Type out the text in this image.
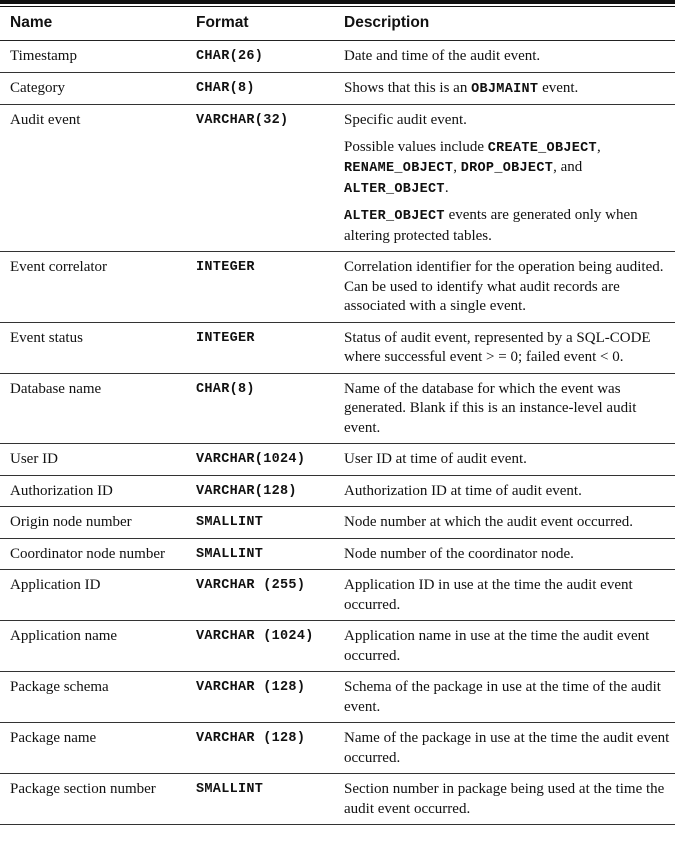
Name	Format	Description
Timestamp	CHAR(26)	Date and time of the audit event.
Category	CHAR(8)	Shows that this is an OBJMAINT event.
Audit event	VARCHAR(32)	Specific audit event.

Possible values include CREATE_OBJECT, RENAME_OBJECT, DROP_OBJECT, and ALTER_OBJECT.

ALTER_OBJECT events are generated only when altering protected tables.

Event correlator	INTEGER	Correlation identifier for the operation being audited. Can be used to identify what audit records are associated with a single event.
Event status	INTEGER	Status of audit event, represented by a SQL-CODE where successful event > = 0; failed event < 0.
Database name	CHAR(8)	Name of the database for which the event was generated. Blank if this is an instance-level audit event.
User ID	VARCHAR(1024)	User ID at time of audit event.
Authorization ID	VARCHAR(128)	Authorization ID at time of audit event.
Origin node number	SMALLINT	Node number at which the audit event occurred.
Coordinator node number	SMALLINT	Node number of the coordinator node.
Application ID	VARCHAR (255)	Application ID in use at the time the audit event occurred.
Application name	VARCHAR (1024)	Application name in use at the time the audit event occurred.
Package schema	VARCHAR (128)	Schema of the package in use at the time of the audit event.
Package name	VARCHAR (128)	Name of the package in use at the time the audit event occurred.
Package section number	SMALLINT	Section number in package being used at the time the audit event occurred.
